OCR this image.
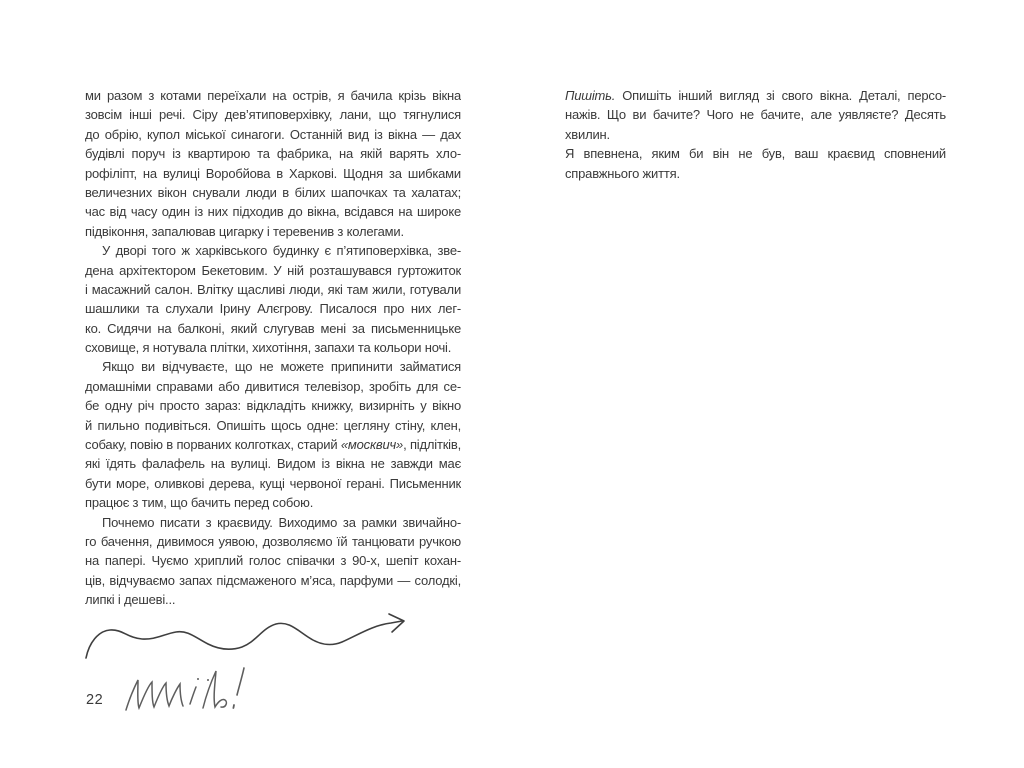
ми разом з котами переїхали на острів, я бачила крізь вікна
зовсім інші речі. Сіру дев’ятиповерхівку, лани, що тягнулися
до обрію, купол міської синагоги. Останній вид із вікна — дах
будівлі поруч із квартирою та фабрика, на якій варять хло-
рофіліпт, на вулиці Воробйова в Харкові. Щодня за шибками
величезних вікон снували люди в білих шапочках та халатах;
час від часу один із них підходив до вікна, всідався на широке
підвіконня, запалював цигарку і теревенив з колегами.
У дворі того ж харківського будинку є п’ятиповерхівка, зве-
дена архітектором Бекетовим. У ній розташувався гуртожиток
і масажний салон. Влітку щасливі люди, які там жили, готували
шашлики та слухали Ірину Алєгрову. Писалося про них лег-
ко. Сидячи на балконі, який слугував мені за письменницьке
сховище, я нотувала плітки, хихотіння, запахи та кольори ночі.
Якщо ви відчуваєте, що не можете припинити займатися
домашніми справами або дивитися телевізор, зробіть для се-
бе одну річ просто зараз: відкладіть книжку, визирніть у вікно
й пильно подивіться. Опишіть щось одне: цегляну стіну, клен,
собаку, повію в порваних колготках, старий «москвич», підлітків,
які їдять фалафель на вулиці. Видом із вікна не завжди має
бути море, оливкові дерева, кущі червоної герані. Письменник
працює з тим, що бачить перед собою.
Почнемо писати з краєвиду. Виходимо за рамки звичайно-
го бачення, дивимося уявою, дозволяємо їй танцювати ручкою
на папері. Чуємо хриплий голос співачки з 90-х, шепіт кохан-
ців, відчуваємо запах підсмаженого м’яса, парфуми — солодкі,
липкі і дешеві...
Пишіть. Опишіть інший вигляд зі свого вікна. Деталі, персо-
нажів. Що ви бачите? Чого не бачите, але уявляєте? Десять
хвилин.
Я впевнена, яким би він не був, ваш краєвид сповнений
справжнього життя.
22
